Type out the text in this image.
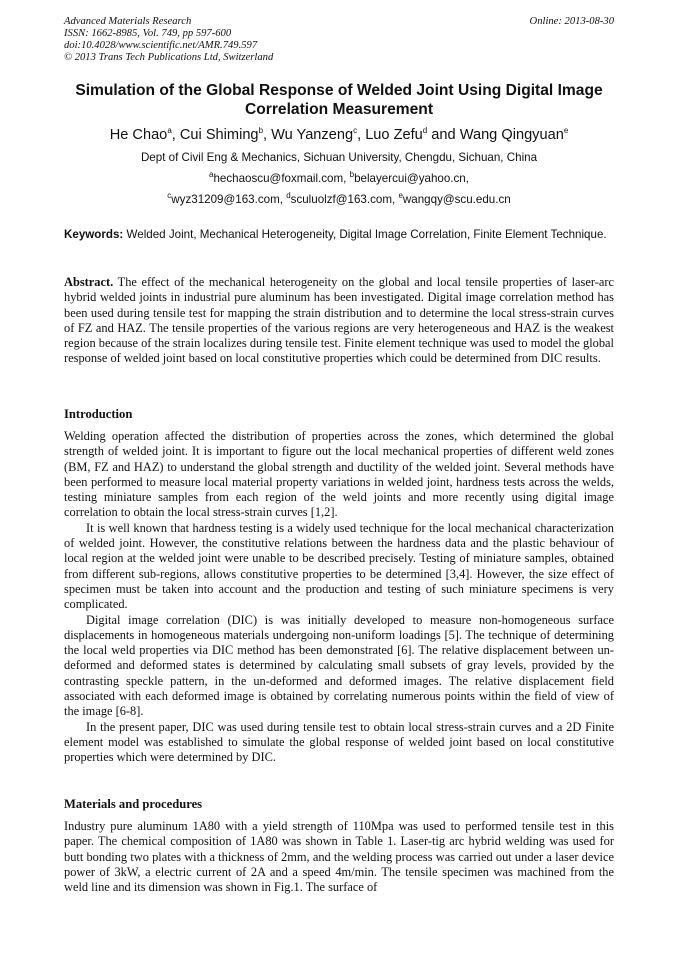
Advanced Materials Research
ISSN: 1662-8985, Vol. 749, pp 597-600
doi:10.4028/www.scientific.net/AMR.749.597
© 2013 Trans Tech Publications Ltd, Switzerland
Online: 2013-08-30
Simulation of the Global Response of Welded Joint Using Digital Image Correlation Measurement
He Chao$^a$, Cui Shiming$^b$, Wu Yanzeng$^c$, Luo Zefu$^d$ and Wang Qingyuan$^e$
Dept of Civil Eng & Mechanics, Sichuan University, Chengdu, Sichuan, China
$^a$hechaoscu@foxmail.com, $^b$belayercui@yahoo.cn,
$^c$wyz31209@163.com, $^d$sculuolzf@163.com, $^e$wangqy@scu.edu.cn
Keywords: Welded Joint, Mechanical Heterogeneity, Digital Image Correlation, Finite Element Technique.

Abstract. The effect of the mechanical heterogeneity on the global and local tensile properties of laser-arc hybrid welded joints in industrial pure aluminum has been investigated. Digital image correlation method has been used during tensile test for mapping the strain distribution and to determine the local stress-strain curves of FZ and HAZ. The tensile properties of the various regions are very heterogeneous and HAZ is the weakest region because of the strain localizes during tensile test. Finite element technique was used to model the global response of welded joint based on local constitutive properties which could be determined from DIC results.

Introduction

Welding operation affected the distribution of properties across the zones, which determined the global strength of welded joint. It is important to figure out the local mechanical properties of different weld zones (BM, FZ and HAZ) to understand the global strength and ductility of the welded joint. Several methods have been performed to measure local material property variations in welded joint, hardness tests across the welds, testing miniature samples from each region of the weld joints and more recently using digital image correlation to obtain the local stress-strain curves [1,2].

It is well known that hardness testing is a widely used technique for the local mechanical characterization of welded joint. However, the constitutive relations between the hardness data and the plastic behaviour of local region at the welded joint were unable to be described precisely. Testing of miniature samples, obtained from different sub-regions, allows constitutive properties to be determined [3,4]. However, the size effect of specimen must be taken into account and the production and testing of such miniature specimens is very complicated.

Digital image correlation (DIC) is was initially developed to measure non-homogeneous surface displacements in homogeneous materials undergoing non-uniform loadings [5]. The technique of determining the local weld properties via DIC method has been demonstrated [6]. The relative displacement between un-deformed and deformed states is determined by calculating small subsets of gray levels, provided by the contrasting speckle pattern, in the un-deformed and deformed images. The relative displacement field associated with each deformed image is obtained by correlating numerous points within the field of view of the image [6-8].

In the present paper, DIC was used during tensile test to obtain local stress-strain curves and a 2D Finite element model was established to simulate the global response of welded joint based on local constitutive properties which were determined by DIC.

Materials and procedures

Industry pure aluminum 1A80 with a yield strength of 110Mpa was used to performed tensile test in this paper. The chemical composition of 1A80 was shown in Table 1. Laser-tig arc hybrid welding was used for butt bonding two plates with a thickness of 2mm, and the welding process was carried out under a laser device power of 3kW, a electric current of 2A and a speed 4m/min. The tensile specimen was machined from the weld line and its dimension was shown in Fig.1. The surface of
